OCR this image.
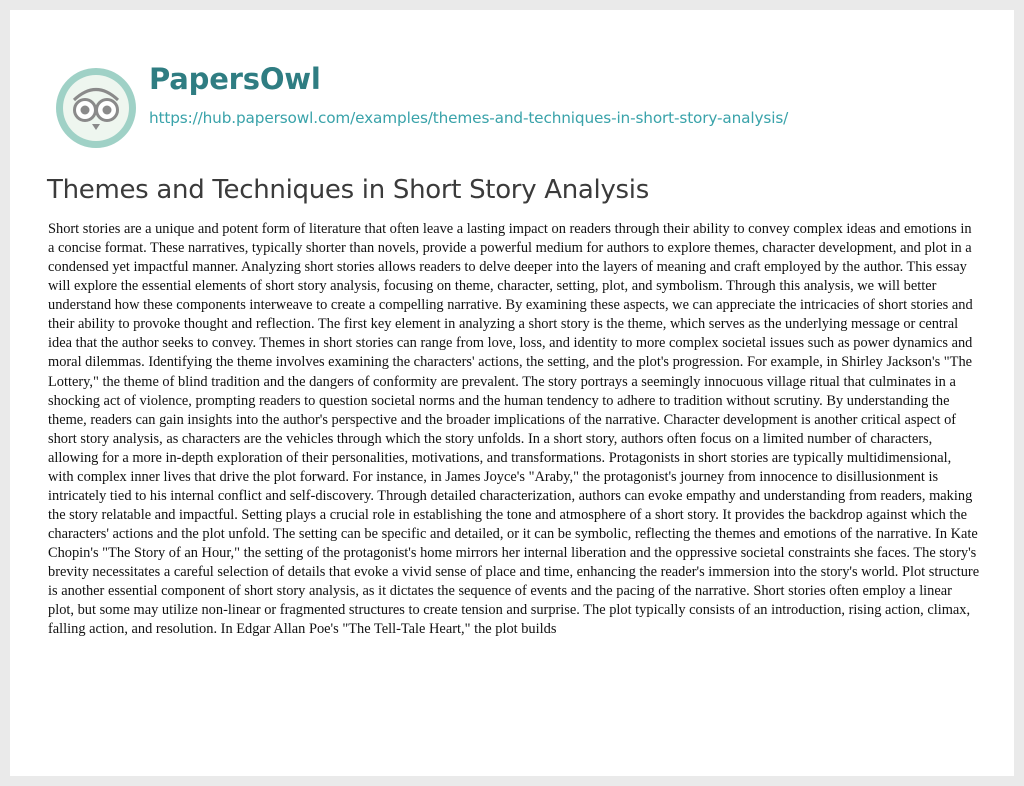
PapersOwl
https://hub.papersowl.com/examples/themes-and-techniques-in-short-story-analysis/
Themes and Techniques in Short Story Analysis

Short stories are a unique and potent form of literature that often leave a lasting impact on readers through their ability to convey complex ideas and emotions in a concise format. These narratives, typically shorter than novels, provide a powerful medium for authors to explore themes, character development, and plot in a condensed yet impactful manner. Analyzing short stories allows readers to delve deeper into the layers of meaning and craft employed by the author. This essay will explore the essential elements of short story analysis, focusing on theme, character, setting, plot, and symbolism. Through this analysis, we will better understand how these components interweave to create a compelling narrative. By examining these aspects, we can appreciate the intricacies of short stories and their ability to provoke thought and reflection. The first key element in analyzing a short story is the theme, which serves as the underlying message or central idea that the author seeks to convey. Themes in short stories can range from love, loss, and identity to more complex societal issues such as power dynamics and moral dilemmas. Identifying the theme involves examining the characters' actions, the setting, and the plot's progression. For example, in Shirley Jackson's "The Lottery," the theme of blind tradition and the dangers of conformity are prevalent. The story portrays a seemingly innocuous village ritual that culminates in a shocking act of violence, prompting readers to question societal norms and the human tendency to adhere to tradition without scrutiny. By understanding the theme, readers can gain insights into the author's perspective and the broader implications of the narrative. Character development is another critical aspect of short story analysis, as characters are the vehicles through which the story unfolds. In a short story, authors often focus on a limited number of characters, allowing for a more in-depth exploration of their personalities, motivations, and transformations. Protagonists in short stories are typically multidimensional, with complex inner lives that drive the plot forward. For instance, in James Joyce's "Araby," the protagonist's journey from innocence to disillusionment is intricately tied to his internal conflict and self-discovery. Through detailed characterization, authors can evoke empathy and understanding from readers, making the story relatable and impactful. Setting plays a crucial role in establishing the tone and atmosphere of a short story. It provides the backdrop against which the characters' actions and the plot unfold. The setting can be specific and detailed, or it can be symbolic, reflecting the themes and emotions of the narrative. In Kate Chopin's "The Story of an Hour," the setting of the protagonist's home mirrors her internal liberation and the oppressive societal constraints she faces. The story's brevity necessitates a careful selection of details that evoke a vivid sense of place and time, enhancing the reader's immersion into the story's world. Plot structure is another essential component of short story analysis, as it dictates the sequence of events and the pacing of the narrative. Short stories often employ a linear plot, but some may utilize non-linear or fragmented structures to create tension and surprise. The plot typically consists of an introduction, rising action, climax, falling action, and resolution. In Edgar Allan Poe's "The Tell-Tale Heart," the plot builds
